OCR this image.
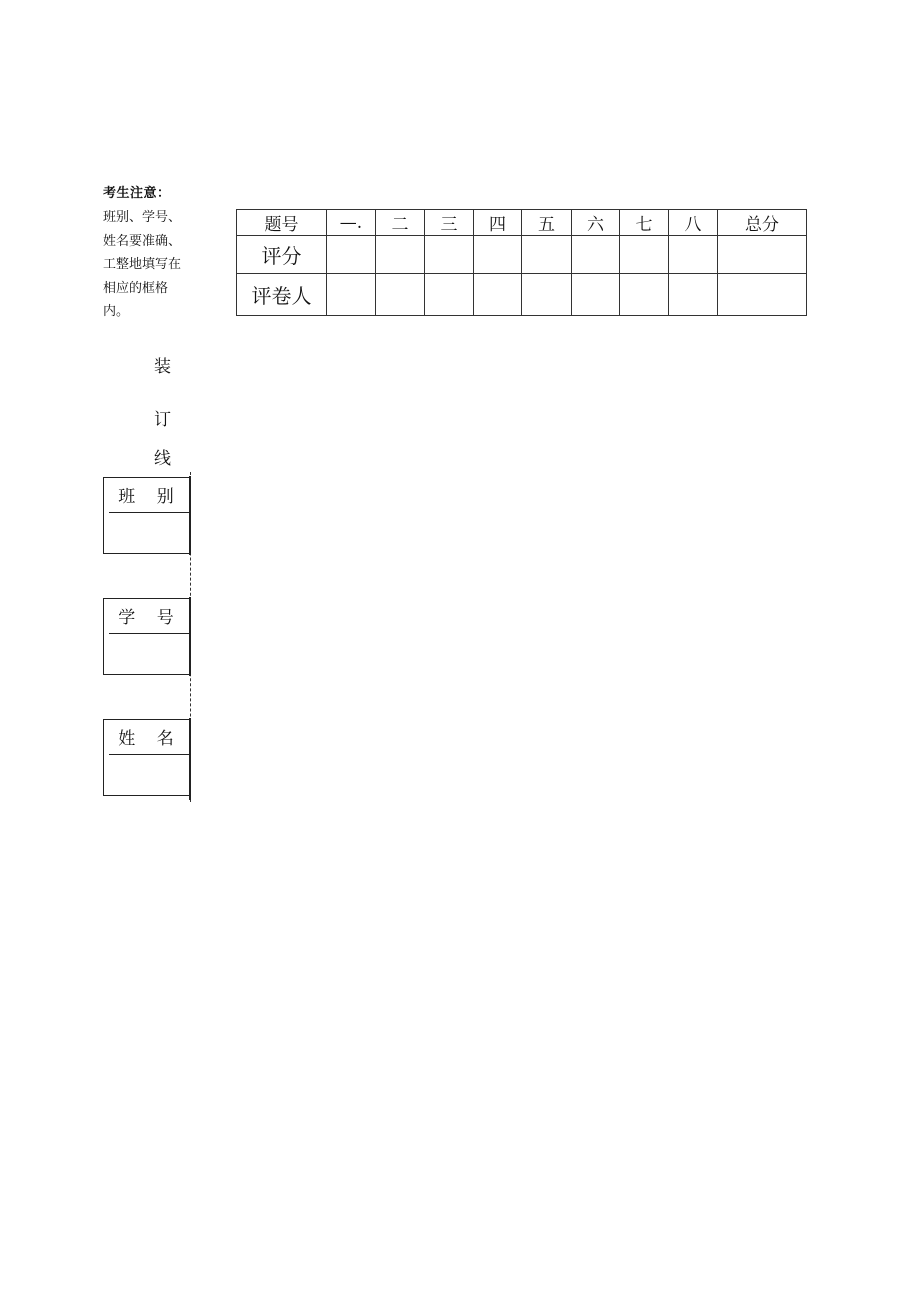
考生注意：
班别、学号、
姓名要准确、
工整地填写在
相应的框格
内。
装
订
线
班 别
学 号
姓 名
题号	—.	二	三	四	五	六	七	八	总分
评分									
评卷人									
